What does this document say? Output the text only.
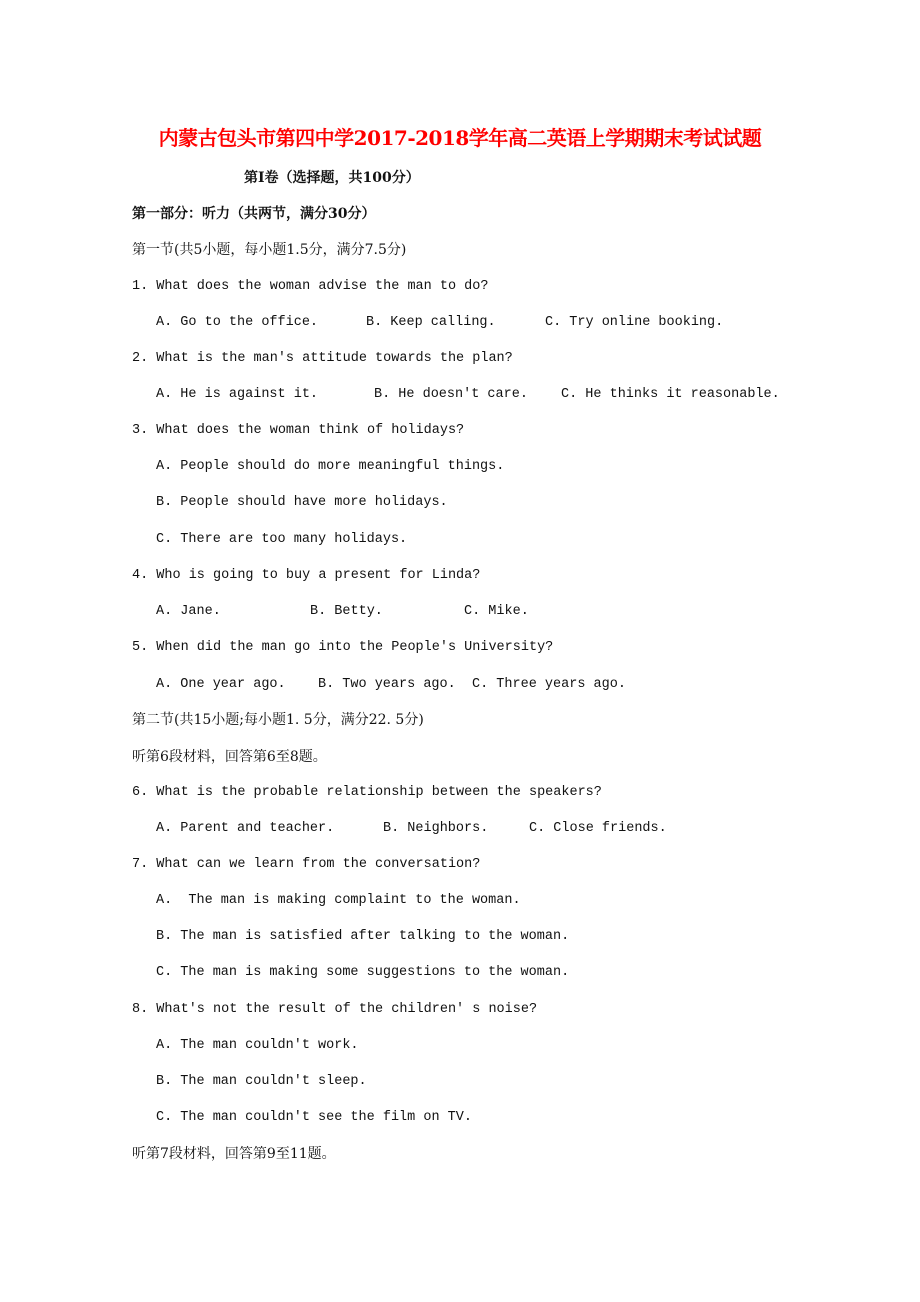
内蒙古包头市第四中学2017-2018学年高二英语上学期期末考试试题
第I卷（选择题，共100分）
第一部分：听力（共两节，满分30分）
第一节(共5小题，每小题1.5分，满分7.5分)
1. What does the woman advise the man to do?
A. Go to the office.	B. Keep calling.	C. Try online booking.
2. What is the man's attitude towards the plan?
A. He is against it.	B. He doesn't care. C. He thinks it reasonable.
3. What does the woman think of holidays?
A. People should do more meaningful things.
B. People should have more holidays.
C. There are too many holidays.
4. Who is going to buy a present for Linda?
A. Jane.	B. Betty.	C. Mike.
5. When did the man go into the People's University?
A. One year ago. B. Two years ago. C. Three years ago.
第二节(共15小题;每小题1. 5分，满分22. 5分)
听第6段材料，回答第6至8题。
6. What is the probable relationship between the speakers?
A. Parent and teacher.	B. Neighbors.	C. Close friends.
7. What can we learn from the conversation?
A.  The man is making complaint to the woman.
B. The man is satisfied after talking to the woman.
C. The man is making some suggestions to the woman.
8. What's not the result of the children' s noise?
A. The man couldn't work.
B. The man couldn't sleep.
C. The man couldn't see the film on TV.
听第7段材料，回答第9至11题。
